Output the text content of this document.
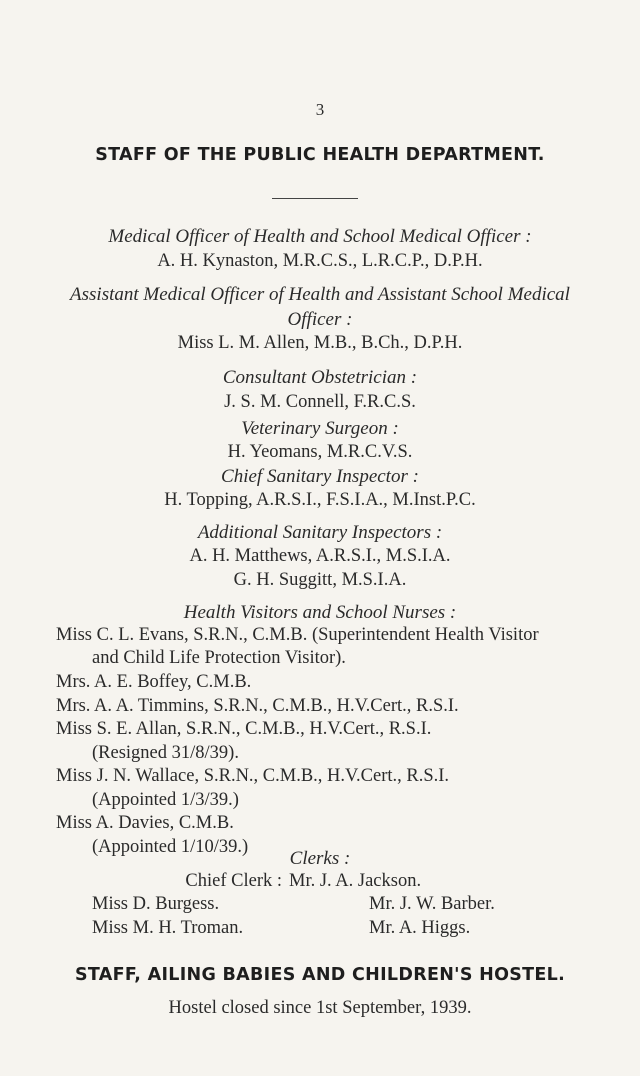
3
STAFF OF THE PUBLIC HEALTH DEPARTMENT.
Medical Officer of Health and School Medical Officer :
A. H. Kynaston, M.R.C.S., L.R.C.P., D.P.H.
Assistant Medical Officer of Health and Assistant School Medical
Officer :
Miss L. M. Allen, M.B., B.Ch., D.P.H.
Consultant Obstetrician :
J. S. M. Connell, F.R.C.S.
Veterinary Surgeon :
H. Yeomans, M.R.C.V.S.
Chief Sanitary Inspector :
H. Topping, A.R.S.I., F.S.I.A., M.Inst.P.C.
Additional Sanitary Inspectors :
A. H. Matthews, A.R.S.I., M.S.I.A.
G. H. Suggitt, M.S.I.A.
Health Visitors and School Nurses :
Miss C. L. Evans, S.R.N., C.M.B. (Superintendent Health Visitor
and Child Life Protection Visitor).
Mrs. A. E. Boffey, C.M.B.
Mrs. A. A. Timmins, S.R.N., C.M.B., H.V.Cert., R.S.I.
Miss S. E. Allan, S.R.N., C.M.B., H.V.Cert., R.S.I.
(Resigned 31/8/39).
Miss J. N. Wallace, S.R.N., C.M.B., H.V.Cert., R.S.I.
(Appointed 1/3/39.)
Miss A. Davies, C.M.B.
(Appointed 1/10/39.)
Clerks :
Chief Clerk : Mr. J. A. Jackson.
Miss D. Burgess.	Mr. J. W. Barber.
Miss M. H. Troman.	Mr. A. Higgs.
STAFF, AILING BABIES AND CHILDREN'S HOSTEL.
Hostel closed since 1st September, 1939.
